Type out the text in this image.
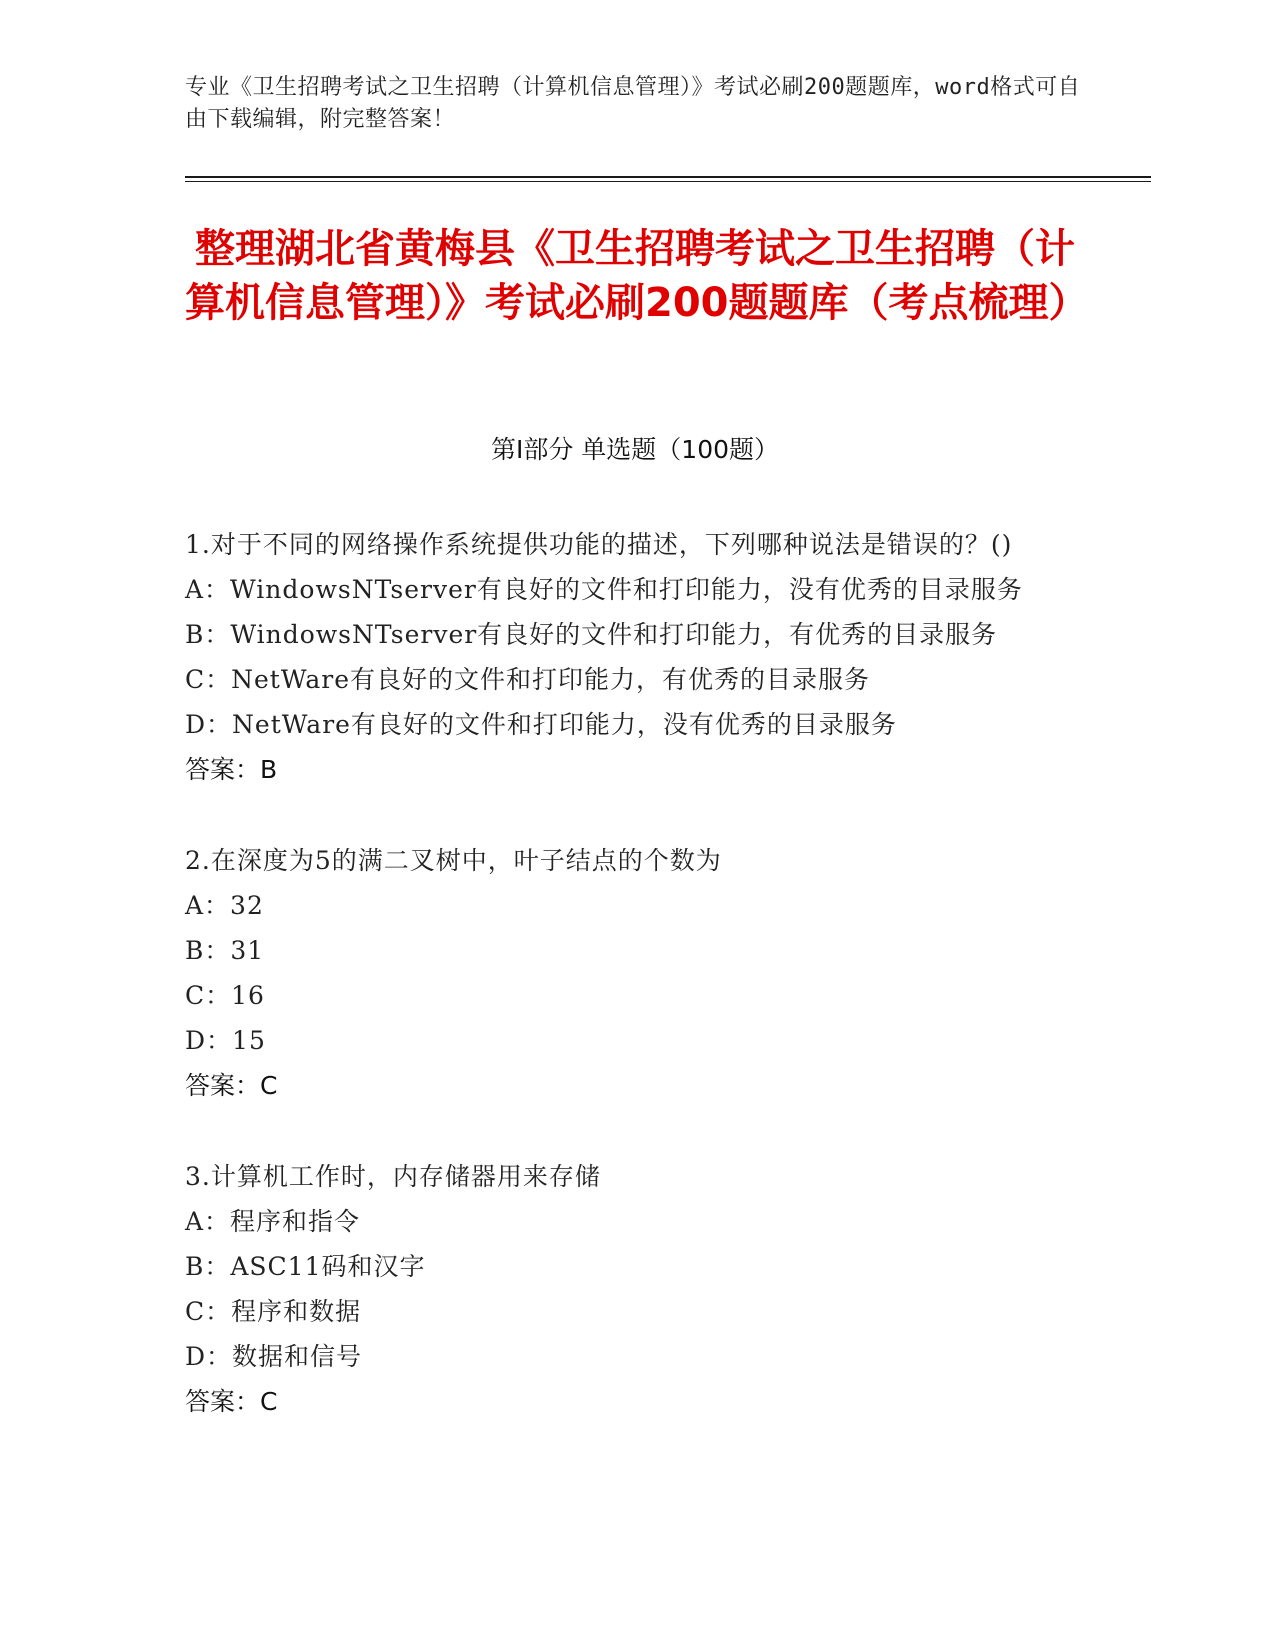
专业《卫生招聘考试之卫生招聘（计算机信息管理）》考试必刷200题题库，word格式可自由下载编辑，附完整答案！
整理湖北省黄梅县《卫生招聘考试之卫生招聘（计算机信息管理）》考试必刷200题题库（考点梳理）
第Ⅰ部分 单选题（100题）
1.对于不同的网络操作系统提供功能的描述，下列哪种说法是错误的？()
A：WindowsNTserver有良好的文件和打印能力，没有优秀的目录服务
B：WindowsNTserver有良好的文件和打印能力，有优秀的目录服务
C：NetWare有良好的文件和打印能力，有优秀的目录服务
D：NetWare有良好的文件和打印能力，没有优秀的目录服务
答案：B
2.在深度为5的满二叉树中，叶子结点的个数为
A：32
B：31
C：16
D：15
答案：C
3.计算机工作时，内存储器用来存储
A：程序和指令
B：ASC11码和汉字
C：程序和数据
D：数据和信号
答案：C
